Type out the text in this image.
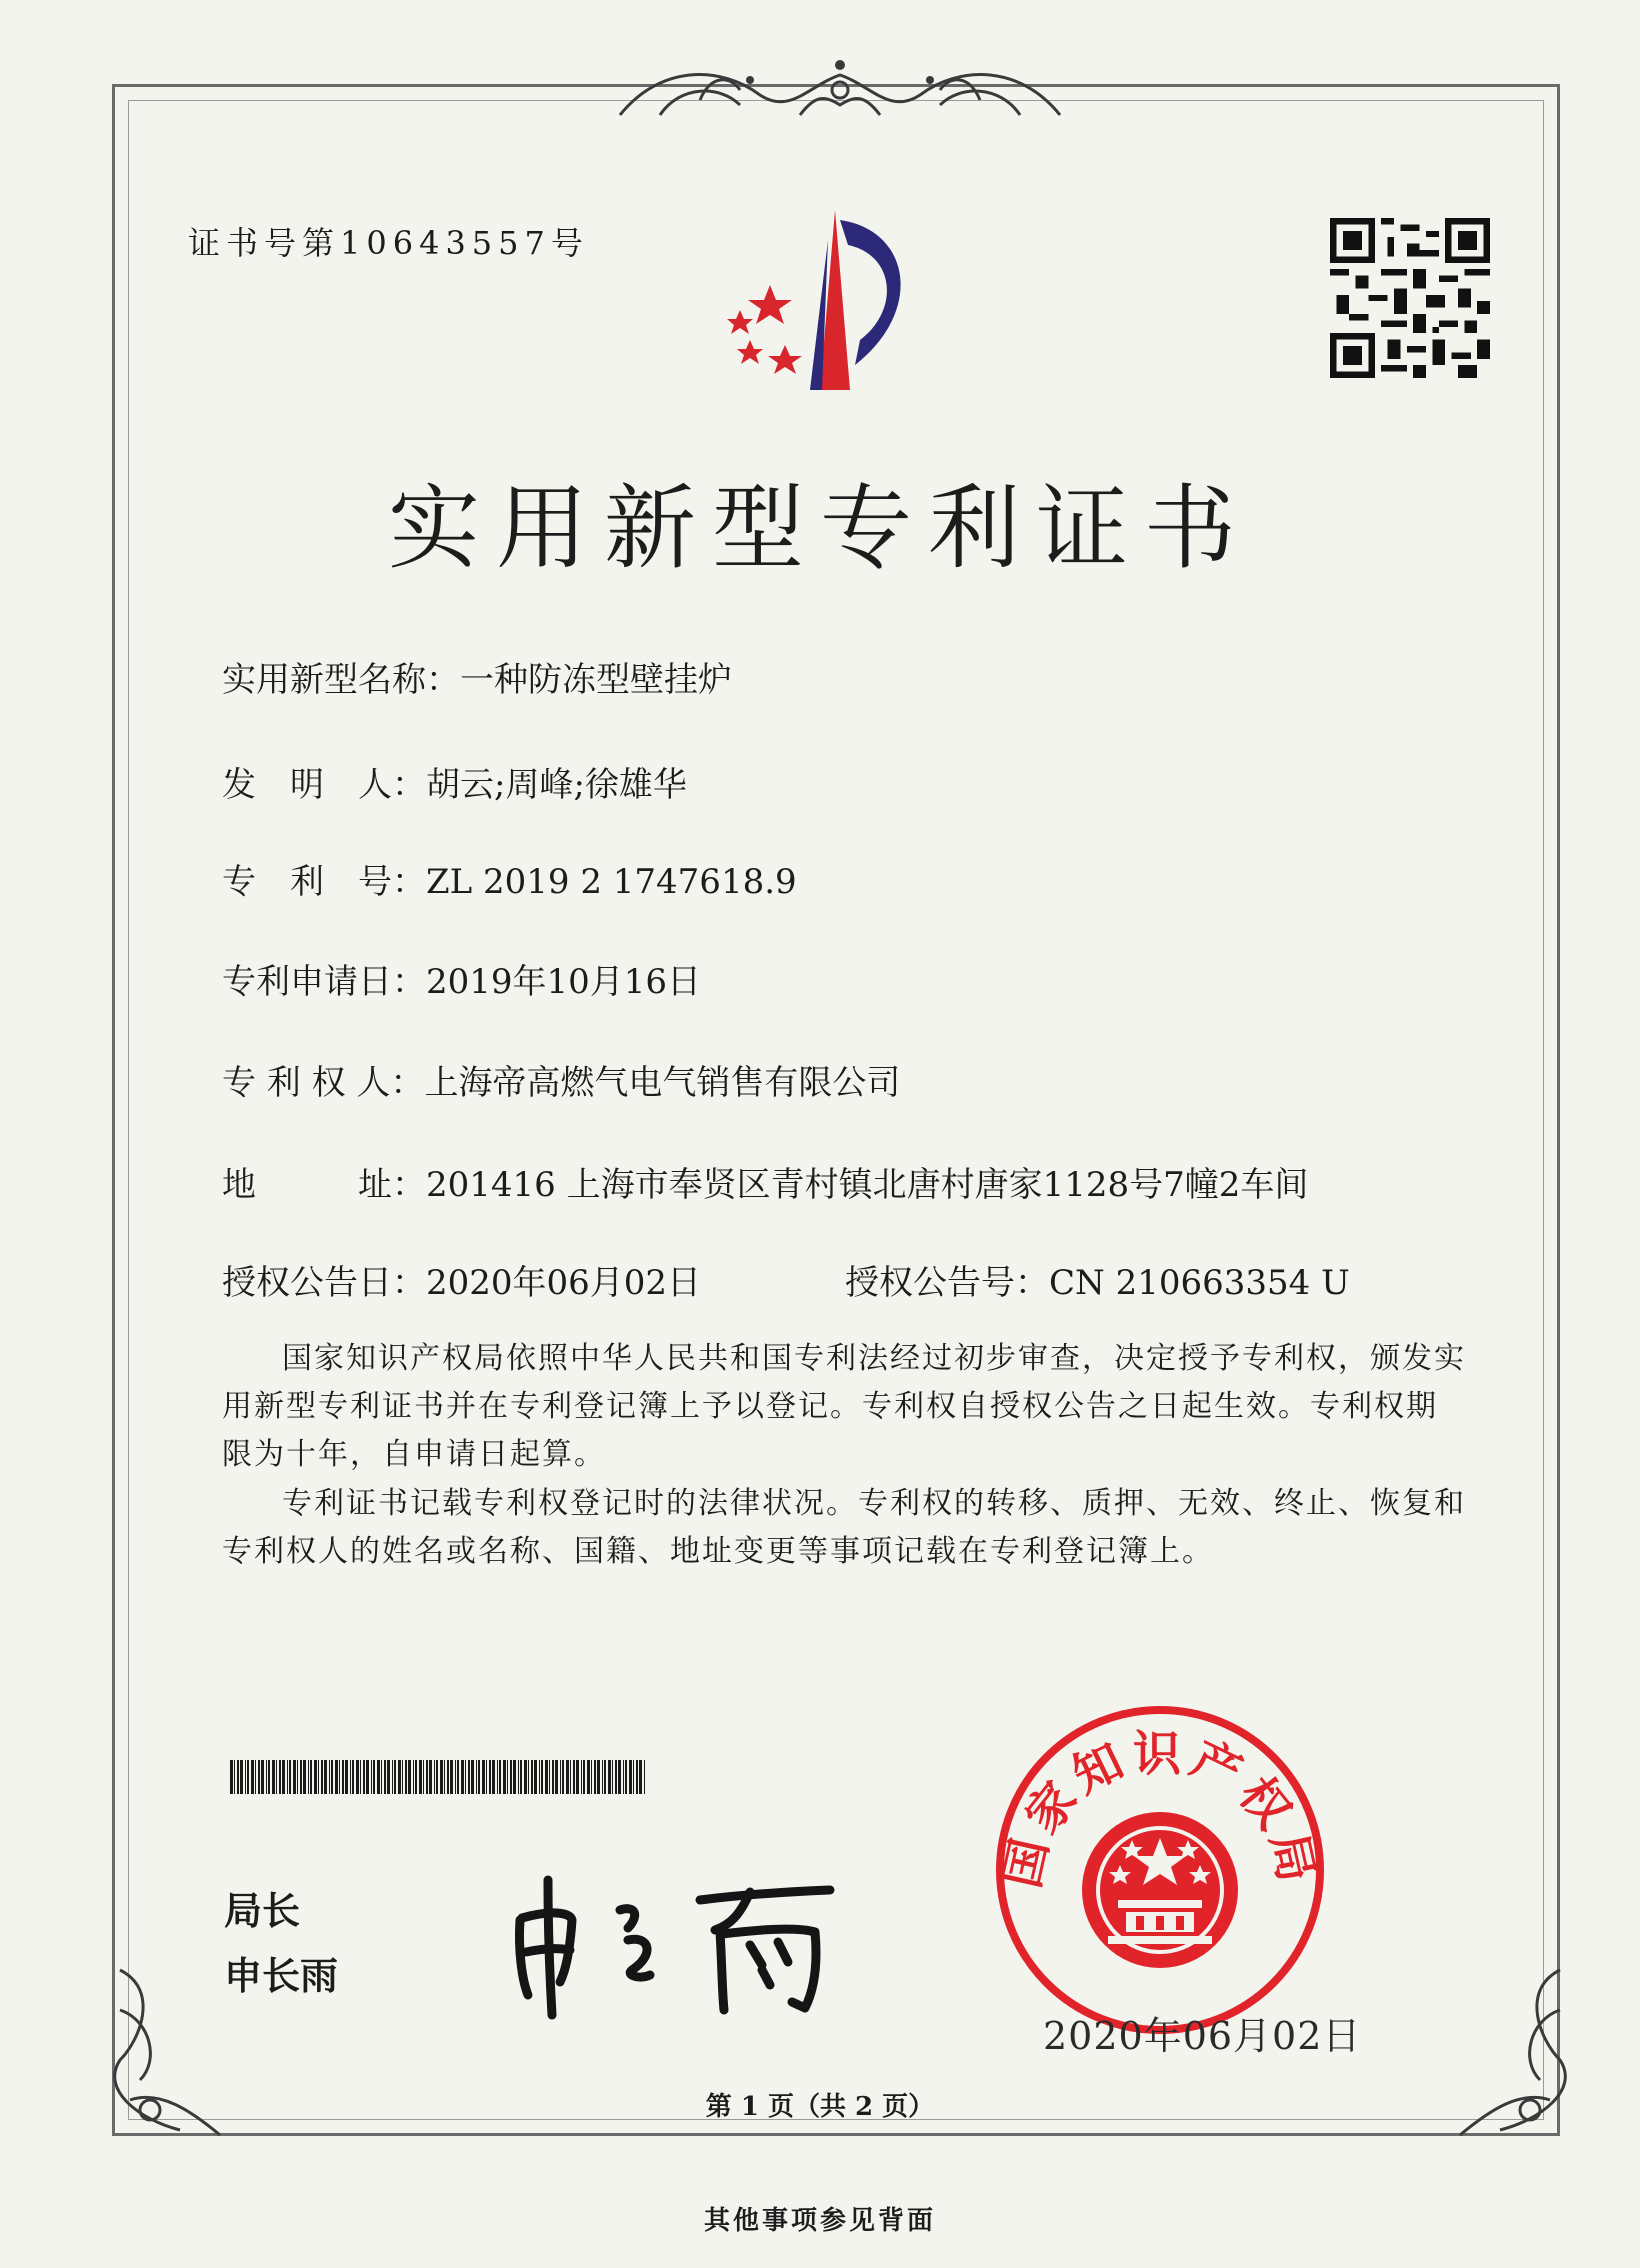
证书号第10643557号
实用新型专利证书
实用新型名称：一种防冻型壁挂炉
发　明　人：胡云;周峰;徐雄华
专　利　号：ZL 2019 2 1747618.9
专利申请日：2019年10月16日
专 利 权 人：上海帝高燃气电气销售有限公司
地　　　址：201416 上海市奉贤区青村镇北唐村唐家1128号7幢2车间
授权公告日：2020年06月02日	授权公告号：CN 210663354 U

国家知识产权局依照中华人民共和国专利法经过初步审查，决定授予专利权，颁发实用新型专利证书并在专利登记簿上予以登记。专利权自授权公告之日起生效。专利权期限为十年，自申请日起算。

专利证书记载专利权登记时的法律状况。专利权的转移、质押、无效、终止、恢复和专利权人的姓名或名称、国籍、地址变更等事项记载在专利登记簿上。

局长
申长雨
国家知识产权局
2020年06月02日
第 1 页（共 2 页）
其他事项参见背面
